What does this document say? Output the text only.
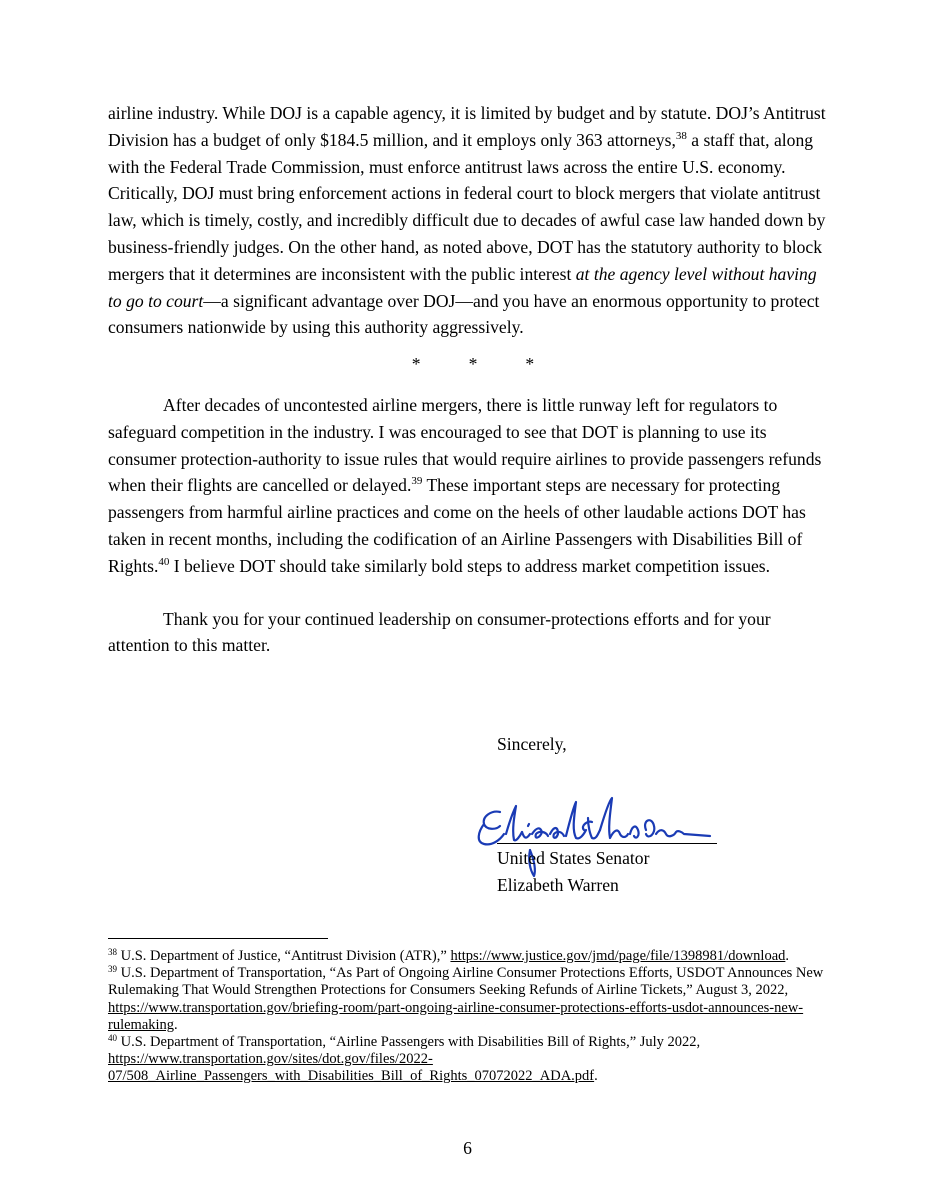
airline industry. While DOJ is a capable agency, it is limited by budget and by statute. DOJ’s Antitrust Division has a budget of only $184.5 million, and it employs only 363 attorneys,$^{38}$ a staff that, along with the Federal Trade Commission, must enforce antitrust laws across the entire U.S. economy. Critically, DOJ must bring enforcement actions in federal court to block mergers that violate antitrust law, which is timely, costly, and incredibly difficult due to decades of awful case law handed down by business-friendly judges. On the other hand, as noted above, DOT has the statutory authority to block mergers that it determines are inconsistent with the public interest at the agency level without having to go to court—a significant advantage over DOJ—and you have an enormous opportunity to protect consumers nationwide by using this authority aggressively.

*	*	*

After decades of uncontested airline mergers, there is little runway left for regulators to safeguard competition in the industry. I was encouraged to see that DOT is planning to use its consumer protection-authority to issue rules that would require airlines to provide passengers refunds when their flights are cancelled or delayed.$^{39}$ These important steps are necessary for protecting passengers from harmful airline practices and come on the heels of other laudable actions DOT has taken in recent months, including the codification of an Airline Passengers with Disabilities Bill of Rights.$^{40}$ I believe DOT should take similarly bold steps to address market competition issues.

Thank you for your continued leadership on consumer-protections efforts and for your attention to this matter.

Sincerely,
United States Senator
Elizabeth Warren

$^{38}$ U.S. Department of Justice, “Antitrust Division (ATR),” https://www.justice.gov/jmd/page/file/1398981/download.

$^{39}$ U.S. Department of Transportation, “As Part of Ongoing Airline Consumer Protections Efforts, USDOT Announces New Rulemaking That Would Strengthen Protections for Consumers Seeking Refunds of Airline Tickets,” August 3, 2022, https://www.transportation.gov/briefing-room/part-ongoing-airline-consumer-protections-efforts-usdot-announces-new-rulemaking.

$^{40}$ U.S. Department of Transportation, “Airline Passengers with Disabilities Bill of Rights,” July 2022, https://www.transportation.gov/sites/dot.gov/files/2022-07/508_Airline_Passengers_with_Disabilities_Bill_of_Rights_07072022_ADA.pdf.

6
